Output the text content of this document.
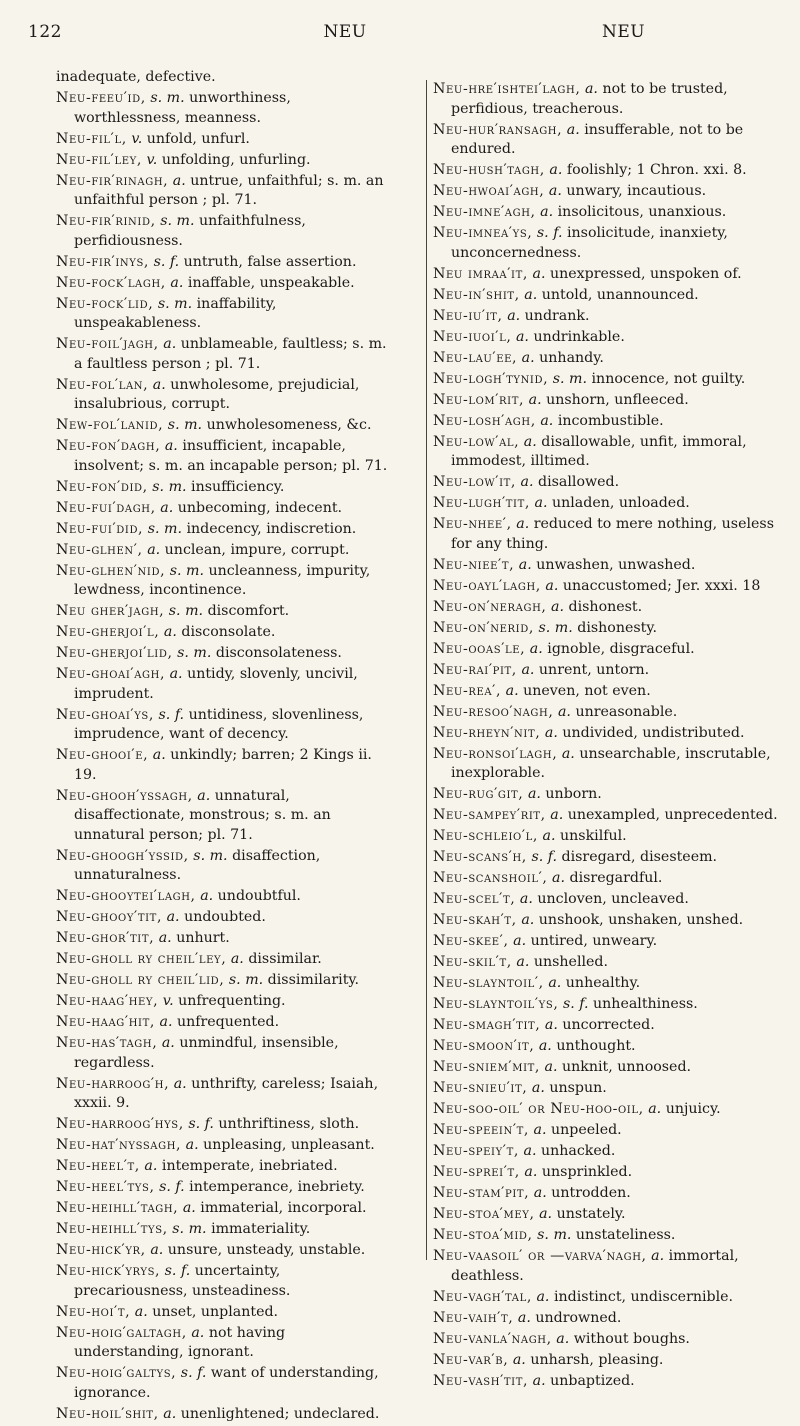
122	NEU	NEU

inadequate, defective.

Neu-feeu′id, s. m. unworthiness, worthlessness, meanness.

Neu-fil′l, v. unfold, unfurl.

Neu-fil′ley, v. unfolding, unfurling.

Neu-fir′rinagh, a. untrue, unfaithful; s. m. an unfaithful person ; pl. 71.

Neu-fir′rinid, s. m. unfaithfulness, perfidiousness.

Neu-fir′inys, s. f. untruth, false assertion.

Neu-fock′lagh, a. inaffable, unspeakable.

Neu-fock′lid, s. m. inaffability, unspeakableness.

Neu-foil′jagh, a. unblameable, faultless; s. m. a faultless person ; pl. 71.

Neu-fol′lan, a. unwholesome, prejudicial, insalubrious, corrupt.

New-fol′lanid, s. m. unwholesomeness, &c.

Neu-fon′dagh, a. insufficient, incapable, insolvent; s. m. an incapable person; pl. 71.

Neu-fon′did, s. m. insufficiency.

Neu-fui′dagh, a. unbecoming, indecent.

Neu-fui′did, s. m. indecency, indiscretion.

Neu-glhen′, a. unclean, impure, corrupt.

Neu-glhen′nid, s. m. uncleanness, impurity, lewdness, incontinence.

Neu gher′jagh, s. m. discomfort.

Neu-gherjoi′l, a. disconsolate.

Neu-gherjoi′lid, s. m. disconsolateness.

Neu-ghoai′agh, a. untidy, slovenly, uncivil, imprudent.

Neu-ghoai′ys, s. f. untidiness, slovenliness, imprudence, want of decency.

Neu-ghooi′e, a. unkindly; barren; 2 Kings ii. 19.

Neu-ghooh′yssagh, a. unnatural, disaffectionate, monstrous; s. m. an unnatural person; pl. 71.

Neu-ghoogh′yssid, s. m. disaffection, unnaturalness.

Neu-ghooytei′lagh, a. undoubtful.

Neu-ghooy′tit, a. undoubted.

Neu-ghor′tit, a. unhurt.

Neu-gholl ry cheil′ley, a. dissimilar.

Neu-gholl ry cheil′lid, s. m. dissimilarity.

Neu-haag′hey, v. unfrequenting.

Neu-haag′hit, a. unfrequented.

Neu-has′tagh, a. unmindful, insensible, regardless.

Neu-harroog′h, a. unthrifty, careless; Isaiah, xxxii. 9.

Neu-harroog′hys, s. f. unthriftiness, sloth.

Neu-hat′nyssagh, a. unpleasing, unpleasant.

Neu-heel′t, a. intemperate, inebriated.

Neu-heel′tys, s. f. intemperance, inebriety.

Neu-heihll′tagh, a. immaterial, incorporal.

Neu-heihll′tys, s. m. immateriality.

Neu-hick′yr, a. unsure, unsteady, unstable.

Neu-hick′yrys, s. f. uncertainty, precariousness, unsteadiness.

Neu-hoi′t, a. unset, unplanted.

Neu-hoig′galtagh, a. not having understanding, ignorant.

Neu-hoig′galtys, s. f. want of understanding, ignorance.

Neu-hoil′shit, a. unenlightened; undeclared.

Neu-hre′ishtei′lagh, a. not to be trusted, perfidious, treacherous.

Neu-hur′ransagh, a. insufferable, not to be endured.

Neu-hush′tagh, a. foolishly; 1 Chron. xxi. 8.

Neu-hwoai′agh, a. unwary, incautious.

Neu-imne′agh, a. insolicitous, unanxious.

Neu-imnea′ys, s. f. insolicitude, inanxiety, unconcernedness.

Neu imraa′it, a. unexpressed, unspoken of.

Neu-in′shit, a. untold, unannounced.

Neu-iu′it, a. undrank.

Neu-iuoi′l, a. undrinkable.

Neu-lau′ee, a. unhandy.

Neu-logh′tynid, s. m. innocence, not guilty.

Neu-lom′rit, a. unshorn, unfleeced.

Neu-losh′agh, a. incombustible.

Neu-low′al, a. disallowable, unfit, immoral, immodest, illtimed.

Neu-low′it, a. disallowed.

Neu-lugh′tit, a. unladen, unloaded.

Neu-nhee′, a. reduced to mere nothing, useless for any thing.

Neu-niee′t, a. unwashen, unwashed.

Neu-oayl′lagh, a. unaccustomed; Jer. xxxi. 18

Neu-on′neragh, a. dishonest.

Neu-on′nerid, s. m. dishonesty.

Neu-ooas′le, a. ignoble, disgraceful.

Neu-rai′pit, a. unrent, untorn.

Neu-rea′, a. uneven, not even.

Neu-resoo′nagh, a. unreasonable.

Neu-rheyn′nit, a. undivided, undistributed.

Neu-ronsoi′lagh, a. unsearchable, inscrutable, inexplorable.

Neu-rug′git, a. unborn.

Neu-sampey′rit, a. unexampled, unprecedented.

Neu-schleio′l, a. unskilful.

Neu-scans′h, s. f. disregard, disesteem.

Neu-scanshoil′, a. disregardful.

Neu-scel′t, a. uncloven, uncleaved.

Neu-skah′t, a. unshook, unshaken, unshed.

Neu-skee′, a. untired, unweary.

Neu-skil′t, a. unshelled.

Neu-slayntoil′, a. unhealthy.

Neu-slayntoil′ys, s. f. unhealthiness.

Neu-smagh′tit, a. uncorrected.

Neu-smoon′it, a. unthought.

Neu-sniem′mit, a. unknit, unnoosed.

Neu-snieu′it, a. unspun.

Neu-soo-oil′ or Neu-hoo-oil, a. unjuicy.

Neu-speein′t, a. unpeeled.

Neu-speiy′t, a. unhacked.

Neu-sprei′t, a. unsprinkled.

Neu-stam′pit, a. untrodden.

Neu-stoa′mey, a. unstately.

Neu-stoa′mid, s. m. unstateliness.

Neu-vaasoil′ or —varva′nagh, a. immortal, deathless.

Neu-vagh′tal, a. indistinct, undiscernible.

Neu-vaih′t, a. undrowned.

Neu-vanla′nagh, a. without boughs.

Neu-var′b, a. unharsh, pleasing.

Neu-vash′tit, a. unbaptized.
